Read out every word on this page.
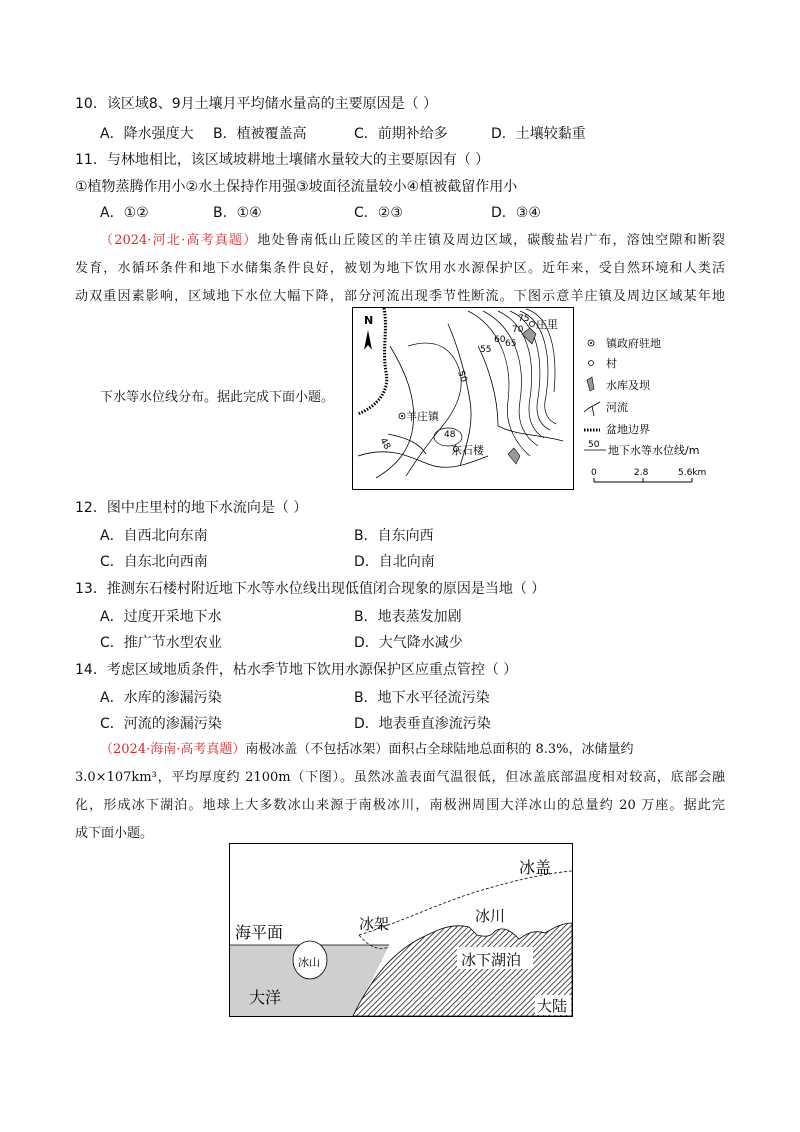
10．该区域8、9月土壤月平均储水量高的主要原因是（ ）
A．降水强度大 B．植被覆盖高	C．前期补给多	D．土壤较黏重
11．与林地相比，该区域坡耕地土壤储水量较大的主要原因有（ ）
①植物蒸腾作用小②水土保持作用强③坡面径流量较小④植被截留作用小
A．①②	B．①④	C．②③	D．③④
（2024·河北·高考真题）地处鲁南低山丘陵区的羊庄镇及周边区域，碳酸盐岩广布，溶蚀空隙和断裂
发育，水循环条件和地下水储集条件良好，被划为地下饮用水水源保护区。近年来，受自然环境和人类活
动双重因素影响，区域地下水位大幅下降，部分河流出现季节性断流。下图示意羊庄镇及周边区域某年地
下水等水位线分布。据此完成下面小题。
N	庄里
羊庄镇
东石楼
75
70
65
60
55
50
48
48
镇政府驻地
村
水库及坝
河流
盆地边界
50 地下水等水位线/m
0	2.8	5.6km
12．图中庄里村的地下水流向是（ ）
A．自西北向东南	B．自东向西
C．自东北向西南	D．自北向南
13．推测东石楼村附近地下水等水位线出现低值闭合现象的原因是当地（ ）
A．过度开采地下水	B．地表蒸发加剧
C．推广节水型农业	D．大气降水减少
14．考虑区域地质条件，枯水季节地下饮用水源保护区应重点管控（ ）
A．水库的渗漏污染	B．地下水平径流污染
C．河流的渗漏污染	D．地表垂直渗流污染
（2024·海南·高考真题）南极冰盖（不包括冰架）面积占全球陆地总面积的 8.3%，冰储量约
3.0×107km³，平均厚度约 2100m（下图）。虽然冰盖表面气温很低，但冰盖底部温度相对较高，底部会融
化，形成冰下湖泊。地球上大多数冰山来源于南极冰川，南极洲周围大洋冰山的总量约 20 万座。据此完
成下面小题。
冰盖
海平面	冰架	冰川
冰山	冰下湖泊
大洋	大陆
